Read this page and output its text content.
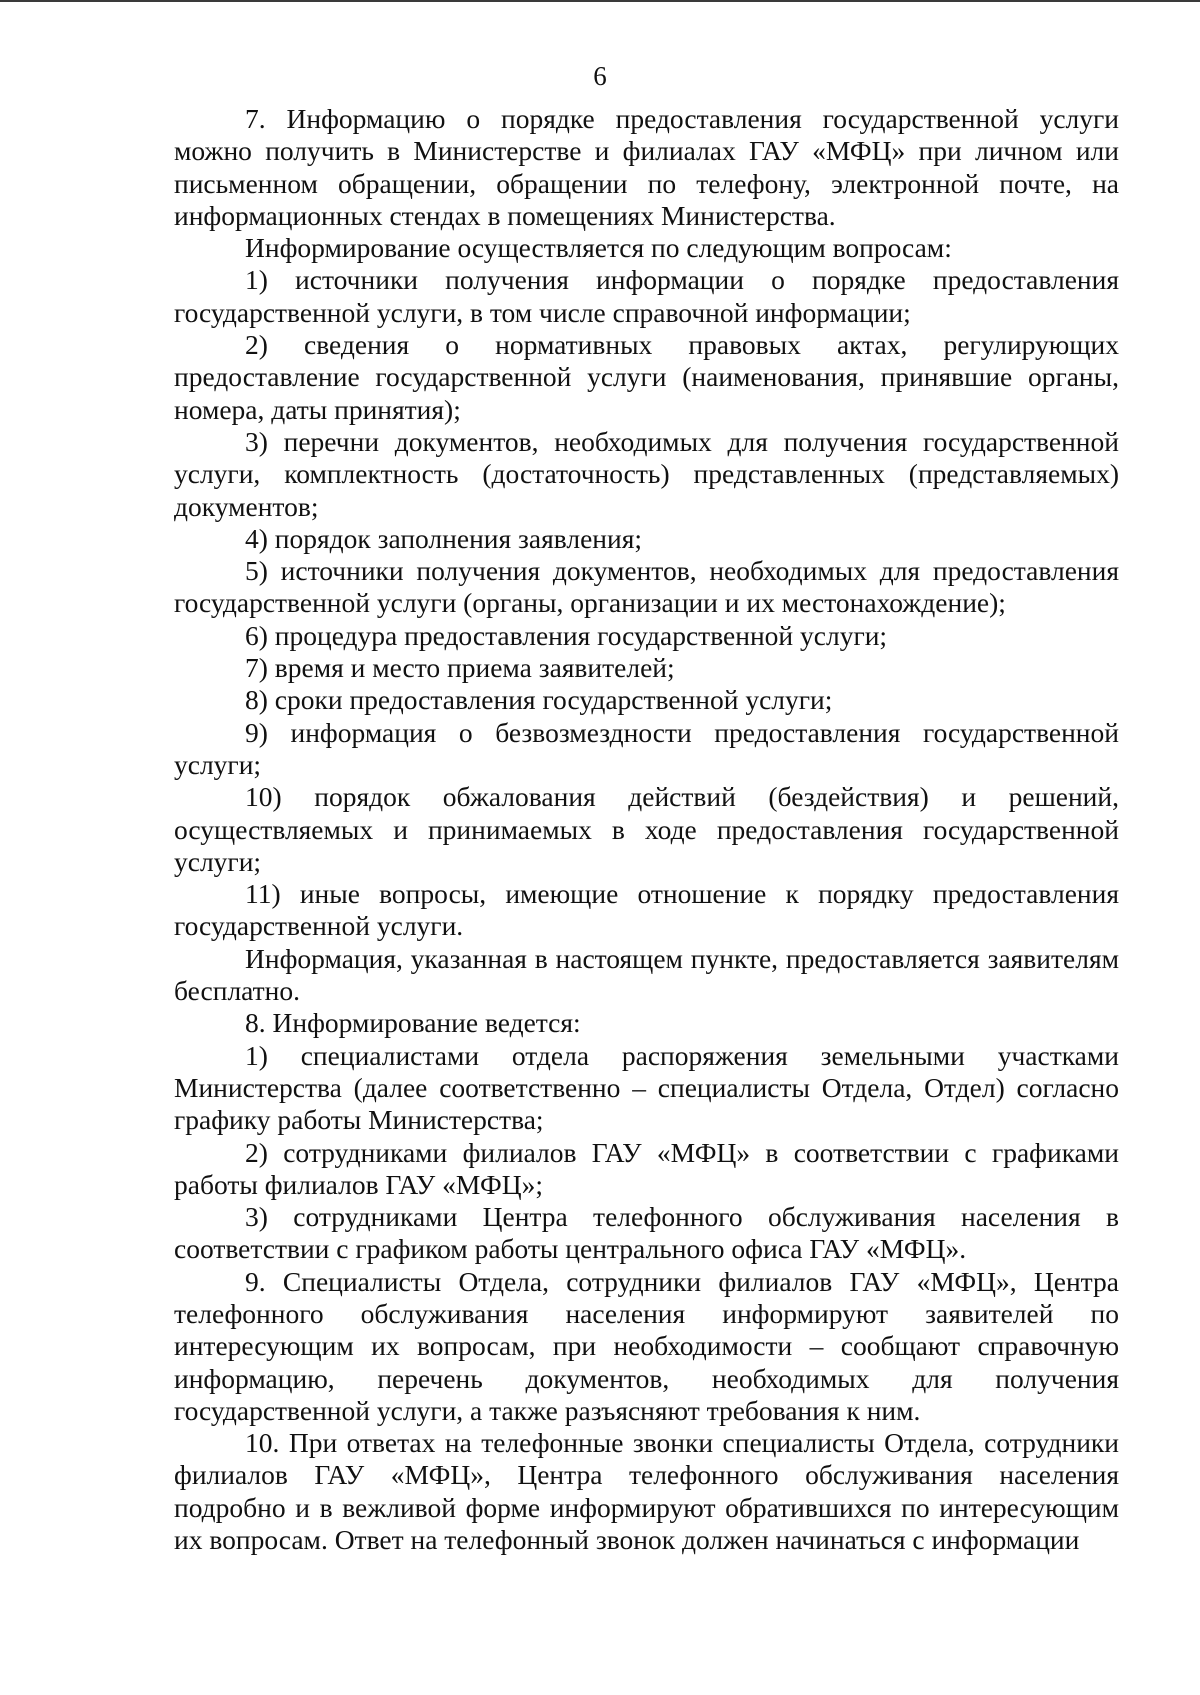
6

7. Информацию о порядке предоставления государственной услуги можно получить в Министерстве и филиалах ГАУ «МФЦ» при личном или письменном обращении, обращении по телефону, электронной почте, на информационных стендах в помещениях Министерства.

Информирование осуществляется по следующим вопросам:

1) источники получения информации о порядке предоставления государственной услуги, в том числе справочной информации;

2) сведения о нормативных правовых актах, регулирующих предоставление государственной услуги (наименования, принявшие органы, номера, даты принятия);

3) перечни документов, необходимых для получения государственной услуги, комплектность (достаточность) представленных (представляемых) документов;

4) порядок заполнения заявления;

5) источники получения документов, необходимых для предоставления государственной услуги (органы, организации и их местонахождение);

6) процедура предоставления государственной услуги;

7) время и место приема заявителей;

8) сроки предоставления государственной услуги;

9) информация о безвозмездности предоставления государственной услуги;

10) порядок обжалования действий (бездействия) и решений, осуществляемых и принимаемых в ходе предоставления государственной услуги;

11) иные вопросы, имеющие отношение к порядку предоставления государственной услуги.

Информация, указанная в настоящем пункте, предоставляется заявителям бесплатно.

8. Информирование ведется:

1) специалистами отдела распоряжения земельными участками Министерства (далее соответственно – специалисты Отдела, Отдел) согласно графику работы Министерства;

2) сотрудниками филиалов ГАУ «МФЦ» в соответствии с графиками работы филиалов ГАУ «МФЦ»;

3) сотрудниками Центра телефонного обслуживания населения в соответствии с графиком работы центрального офиса ГАУ «МФЦ».

9. Специалисты Отдела, сотрудники филиалов ГАУ «МФЦ», Центра телефонного обслуживания населения информируют заявителей по интересующим их вопросам, при необходимости – сообщают справочную информацию, перечень документов, необходимых для получения государственной услуги, а также разъясняют требования к ним.

10. При ответах на телефонные звонки специалисты Отдела, сотрудники филиалов ГАУ «МФЦ», Центра телефонного обслуживания населения подробно и в вежливой форме информируют обратившихся по интересующим их вопросам. Ответ на телефонный звонок должен начинаться с информации
